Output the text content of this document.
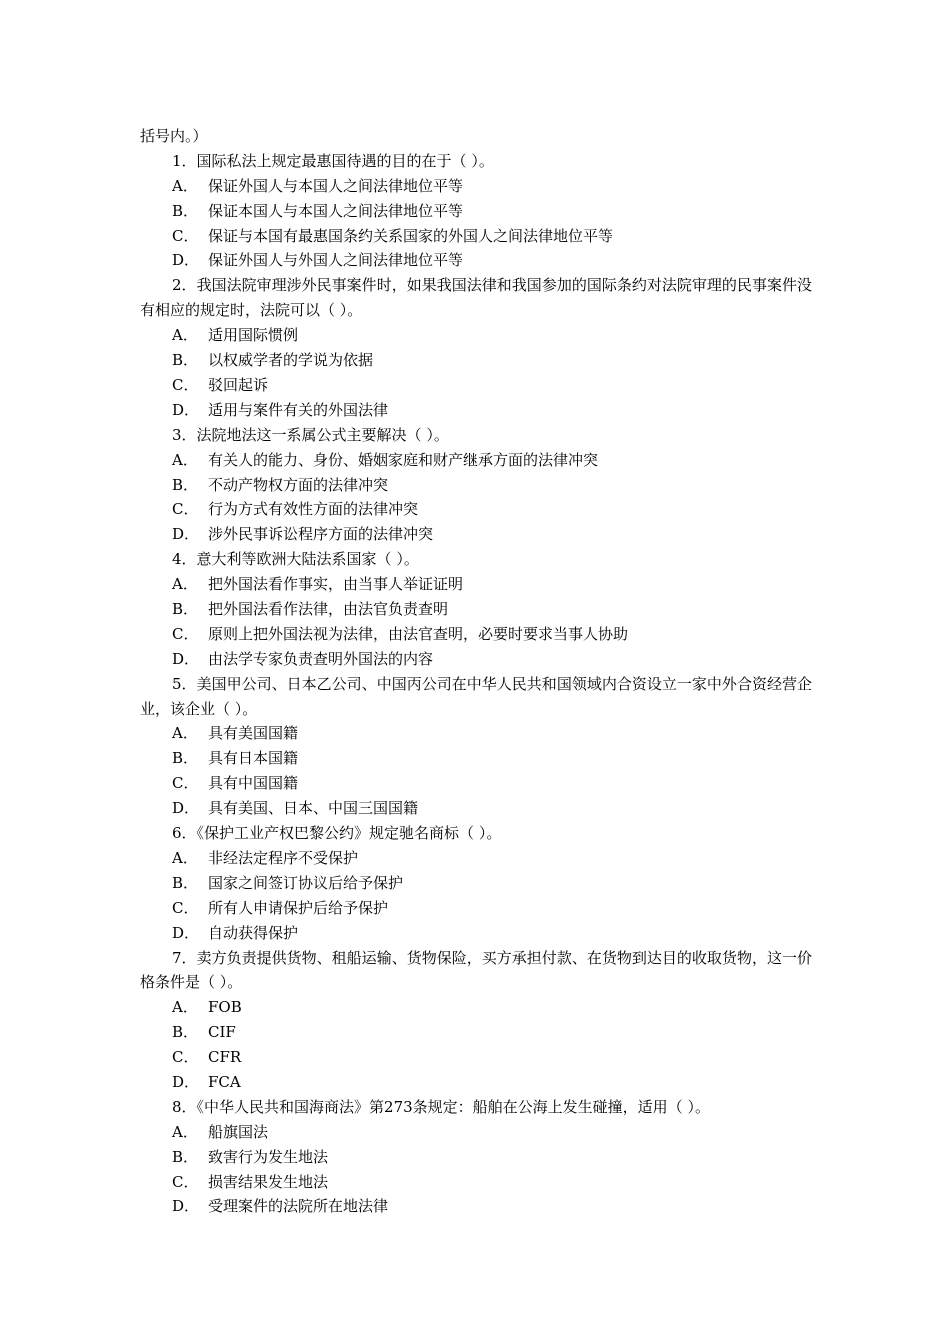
括号内。）
1．国际私法上规定最惠国待遇的目的在于（ ）。
A． 保证外国人与本国人之间法律地位平等
B． 保证本国人与本国人之间法律地位平等
C． 保证与本国有最惠国条约关系国家的外国人之间法律地位平等
D． 保证外国人与外国人之间法律地位平等
2．我国法院审理涉外民事案件时，如果我国法律和我国参加的国际条约对法院审理的民事案件没有相应的规定时，法院可以（ ）。
A． 适用国际惯例
B． 以权威学者的学说为依据
C． 驳回起诉
D． 适用与案件有关的外国法律
3．法院地法这一系属公式主要解决（ ）。
A． 有关人的能力、身份、婚姻家庭和财产继承方面的法律冲突
B． 不动产物权方面的法律冲突
C． 行为方式有效性方面的法律冲突
D． 涉外民事诉讼程序方面的法律冲突
4．意大利等欧洲大陆法系国家（ ）。
A． 把外国法看作事实，由当事人举证证明
B． 把外国法看作法律，由法官负责查明
C． 原则上把外国法视为法律，由法官查明，必要时要求当事人协助
D． 由法学专家负责查明外国法的内容
5．美国甲公司、日本乙公司、中国丙公司在中华人民共和国领域内合资设立一家中外合资经营企业，该企业（ ）。
A． 具有美国国籍
B． 具有日本国籍
C． 具有中国国籍
D． 具有美国、日本、中国三国国籍
6．《保护工业产权巴黎公约》规定驰名商标（ ）。
A． 非经法定程序不受保护
B． 国家之间签订协议后给予保护
C． 所有人申请保护后给予保护
D． 自动获得保护
7．卖方负责提供货物、租船运输、货物保险，买方承担付款、在货物到达目的收取货物，这一价格条件是（ ）。
A． FOB
B． CIF
C． CFR
D． FCA
8．《中华人民共和国海商法》第273条规定：船舶在公海上发生碰撞，适用（ ）。
A． 船旗国法
B． 致害行为发生地法
C． 损害结果发生地法
D． 受理案件的法院所在地法律
